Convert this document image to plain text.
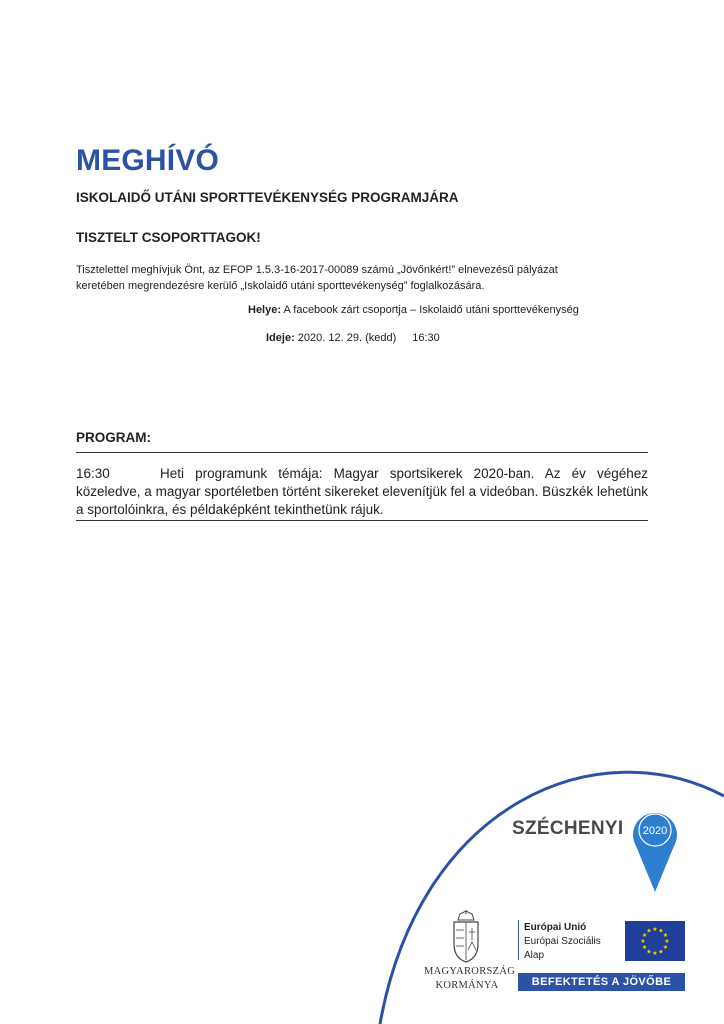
MEGHÍVÓ
ISKOLAIDŐ UTÁNI SPORTTEVÉKENYSÉG PROGRAMJÁRA
TISZTELT CSOPORTTAGOK!
Tisztelettel meghívjuk Önt, az EFOP 1.5.3-16-2017-00089 számú „Jövőnkért!” elnevezésű pályázat
keretében megrendezésre kerülő „Iskolaidő utáni sporttevékenység” foglalkozására.
Helye: A facebook zárt csoportja – Iskolaidő utáni sporttevékenység
Ideje: 2020. 12. 29. (kedd) 16:30
PROGRAM:
16:30	Heti programunk témája: Magyar sportsikerek 2020-ban. Az év végéhez közeledve, a magyar sportéletben történt sikereket elevenítjük fel a videóban. Büszkék lehetünk a sportolóinkra, és példaképként tekinthetünk rájuk.
SZÉCHENYI 2020
MAGYARORSZÁG
KORMÁNYA
Európai Unió
Európai Szociális
Alap
★ ★
★
★
★
★
★
★
★
★
★
★
BEFEKTETÉS A JÖVŐBE
